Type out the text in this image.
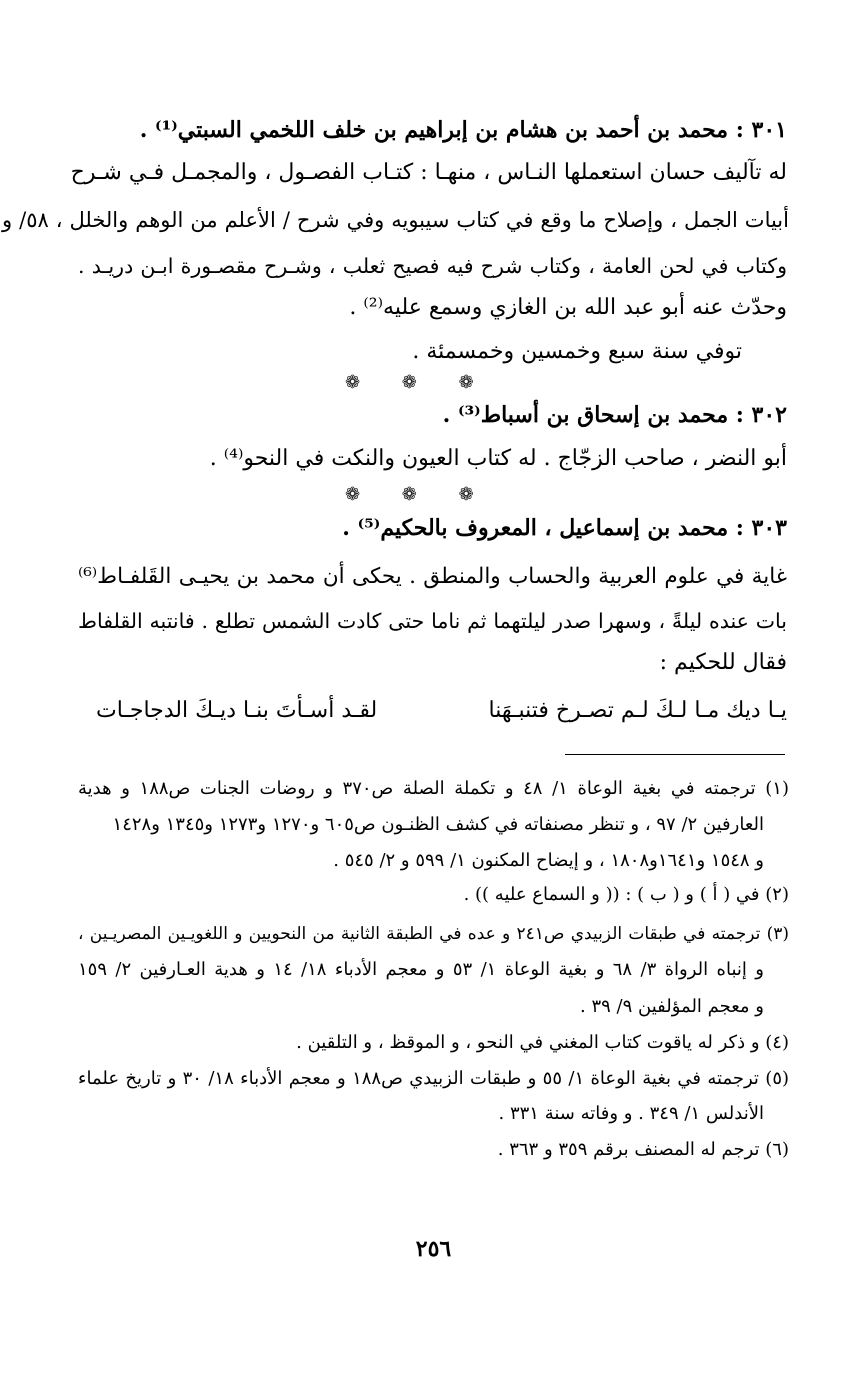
٣٠١ : محمد بن أحمد بن هشام بن إبراهيم بن خلف اللخمي السبتي⁽¹⁾ .
له تآليف حسان استعملها النـاس ، منهـا : كتـاب الفصـول ، والمجمـل فـي شـرح
أبيات الجمل ، وإصلاح ما وقع في كتاب سيبويه وفي شرح / الأعلم من الوهم والخلل ، ٥٨/ و
وكتاب في لحن العامة ، وكتاب شرح فيه فصيح ثعلب ، وشـرح مقصـورة ابـن دريـد .
وحدّث عنه أبو عبد الله بن الغازي وسمع عليه⁽²⁾ .
توفي سنة سبع وخمسين وخمسمئة .
❁ ❁ ❁
٣٠٢ : محمد بن إسحاق بن أسباط⁽³⁾ .
أبو النضر ، صاحب الزجّاج . له كتاب العيون والنكت في النحو⁽⁴⁾ .
❁ ❁ ❁
٣٠٣ : محمد بن إسماعيل ، المعروف بالحكيم⁽⁵⁾ .
غاية في علوم العربية والحساب والمنطق . يحكى أن محمد بن يحيـى القَلفـاط⁽⁶⁾
بات عنده ليلةً ، وسهرا صدر ليلتهما ثم ناما حتى كادت الشمس تطلع . فانتبه القلفاط
فقال للحكيم :
يـا ديك مـا لـكَ لـم تصـرخ فتنبـهَنا
لقـد أسـأتَ بنـا ديـكَ الدجاجـات
(١) ترجمته في بغية الوعاة ١/ ٤٨ و تكملة الصلة ص٣٧٠ و روضات الجنات ص١٨٨ و هدية
العارفين ٢/ ٩٧ ، و تنظر مصنفاته في كشف الظنـون ص٦٠٥ و١٢٧٠ و١٢٧٣ و١٣٤٥ و١٤٢٨
و ١٥٤٨ و١٦٤١و١٨٠٨ ، و إيضاح المكنون ١/ ٥٩٩ و ٢/ ٥٤٥ .
(٢) في ( أ ) و ( ب ) : (( و السماع عليه )) .
(٣) ترجمته في طبقات الزبيدي ص٢٤١ و عده في الطبقة الثانية من النحويين و اللغويـين المصريـين ،
و إنباه الرواة ٣/ ٦٨ و بغية الوعاة ١/ ٥٣ و معجم الأدباء ١٨/ ١٤ و هدية العـارفين ٢/ ١٥٩
و معجم المؤلفين ٩/ ٣٩ .
(٤) و ذكر له ياقوت كتاب المغني في النحو ، و الموقظ ، و التلقين .
(٥) ترجمته في بغية الوعاة ١/ ٥٥ و طبقات الزبيدي ص١٨٨ و معجم الأدباء ١٨/ ٣٠ و تاريخ علماء
الأندلس ١/ ٣٤٩ . و وفاته سنة ٣٣١ .
(٦) ترجم له المصنف برقم ٣٥٩ و ٣٦٣ .
٢٥٦
